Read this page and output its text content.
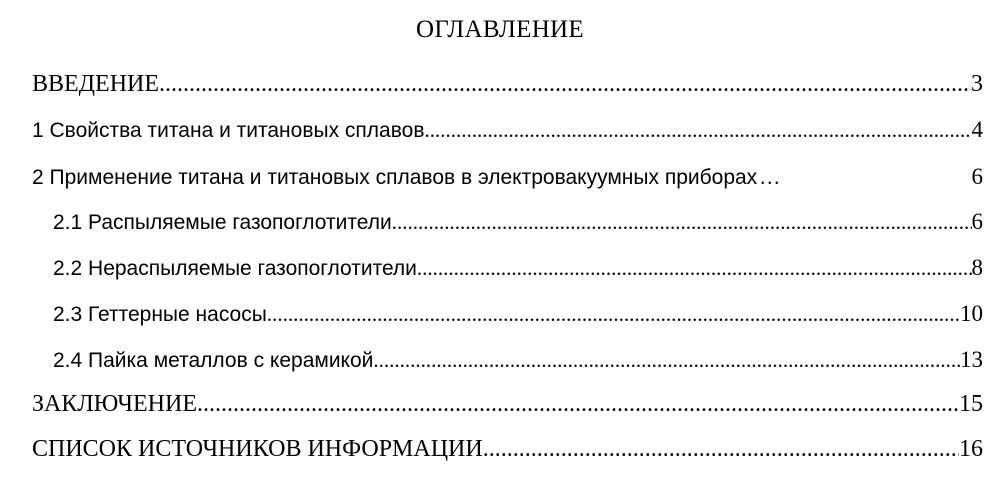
ОГЛАВЛЕНИЕ
ВВЕДЕНИЕ .....	3
1 Свойства титана и титановых сплавов .....	4
2 Применение титана и титановых сплавов в электровакуумных приборах …	6
2.1 Распыляемые газопоглотители .....	6
2.2 Нераспыляемые газопоглотители .....	8
2.3 Геттерные насосы .....	10
2.4 Пайка металлов с керамикой .....	13
ЗАКЛЮЧЕНИЕ .....	15
СПИСОК ИСТОЧНИКОВ ИНФОРМАЦИИ .....	16
